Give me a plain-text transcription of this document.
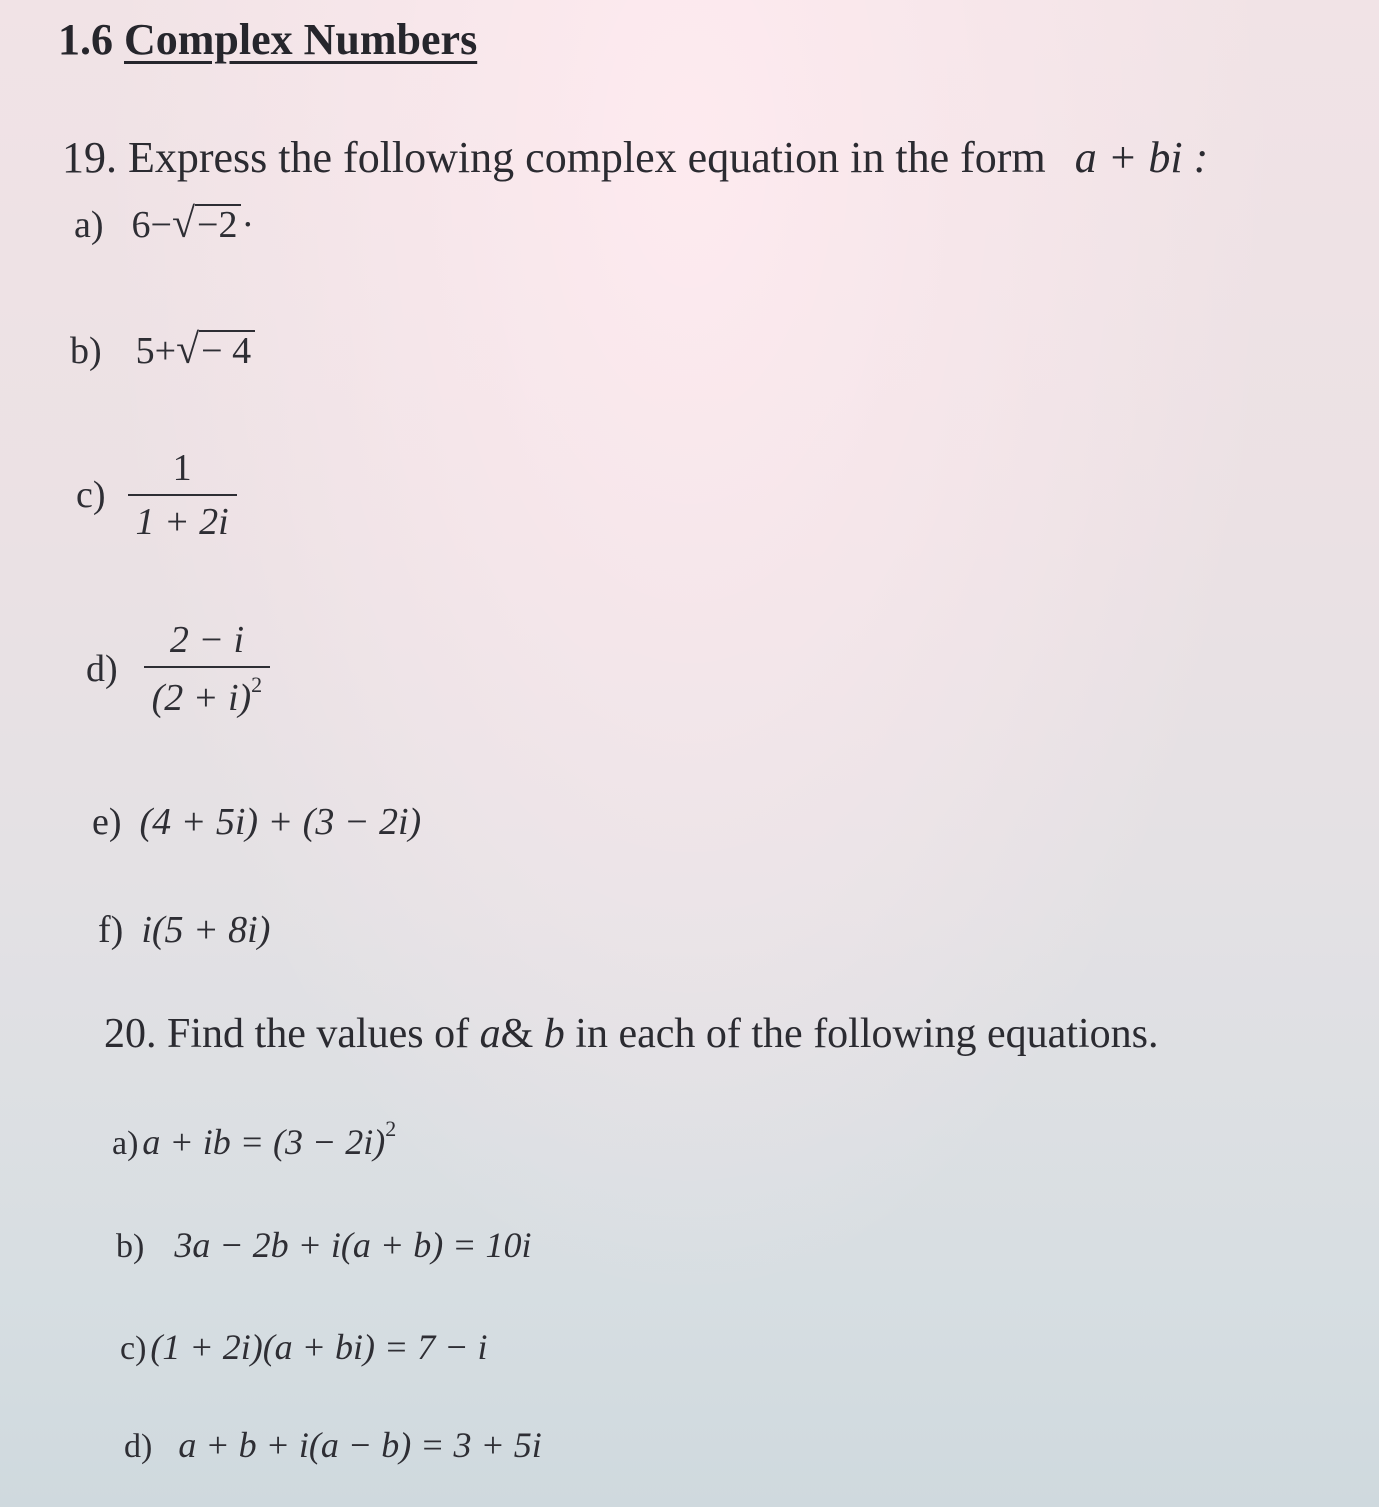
1.6 Complex Numbers
19. Express the following complex equation in the form a + bi :
a) 6−√−2 ·
b) 5+√− 4
$c) \frac{1}{1 + 2i}$
$d) \frac{2 - i}{(2 + i)^2}$
e) (4 + 5i) + (3 − 2i)
f) i(5 + 8i)
20. Find the values of a& b in each of the following equations.
a) a + ib = $(3 - 2i)^2$
b) 3a − 2b + i(a + b) = 10i
c) (1 + 2i)(a + bi) = 7 − i
d) a + b + i(a − b) = 3 + 5i
